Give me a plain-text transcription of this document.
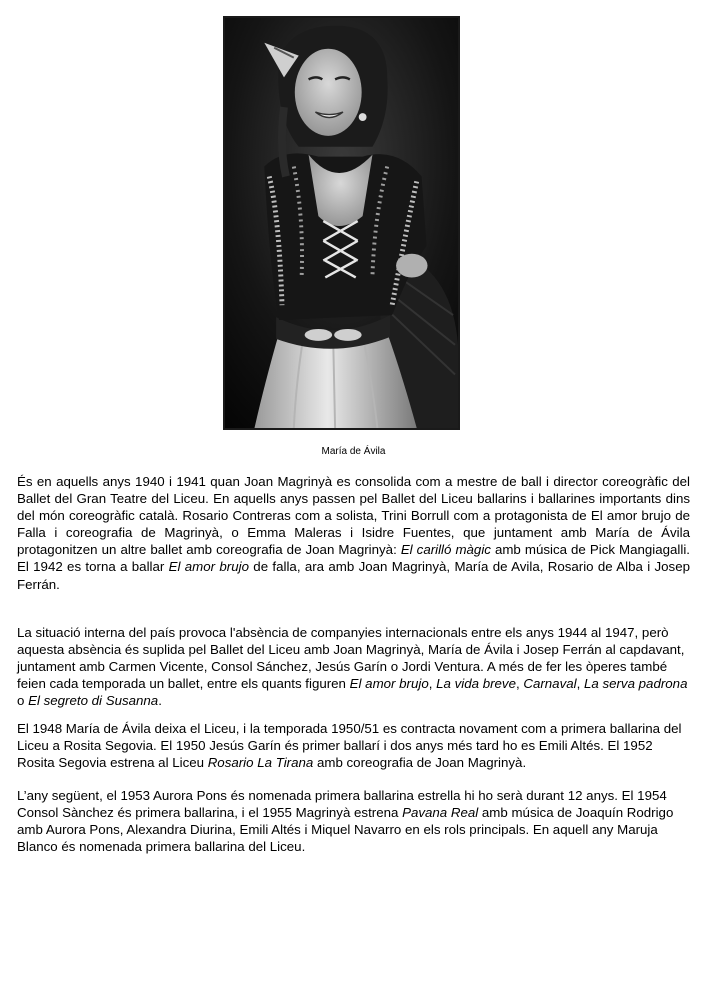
María de Ávila

És en aquells anys 1940 i 1941 quan Joan Magrinyà es consolida com a mestre de ball i director coreogràfic del Ballet del Gran Teatre del Liceu. En aquells anys passen pel Ballet del Liceu ballarins i ballarines importants dins del món coreogràfic català. Rosario Contreras com a solista, Trini Borrull com a protagonista de El amor brujo de Falla i coreografia de Magrinyà, o Emma Maleras i Isidre Fuentes, que juntament amb María de Ávila protagonitzen un altre ballet amb coreografia de Joan Magrinyà: El carilló màgic amb música de Pick Mangiagalli. El 1942 es torna a ballar El amor brujo de falla, ara amb Joan Magrinyà, María de Avila, Rosario de Alba i Josep Ferrán.

La situació interna del país provoca l'absència de companyies internacionals entre els anys 1944 al 1947, però aquesta absència és suplida pel Ballet del Liceu amb Joan Magrinyà, María de Ávila i Josep Ferrán al capdavant, juntament amb Carmen Vicente, Consol Sánchez, Jesús Garín o Jordi Ventura. A més de fer les òperes també feien cada temporada un ballet, entre els quants figuren El amor brujo, La vida breve, Carnaval, La serva padrona o El segreto di Susanna.

El 1948 María de Ávila deixa el Liceu, i la temporada 1950/51 es contracta novament com a primera ballarina del Liceu a Rosita Segovia. El 1950 Jesús Garín és primer ballarí i dos anys més tard ho es Emili Altés. El 1952 Rosita Segovia estrena al Liceu Rosario La Tirana amb coreografia de Joan Magrinyà.

L’any següent, el 1953 Aurora Pons és nomenada primera ballarina estrella hi ho serà durant 12 anys. El 1954 Consol Sànchez és primera ballarina, i el 1955 Magrinyà estrena Pavana Real amb música de Joaquín Rodrigo amb Aurora Pons, Alexandra Diurina, Emili Altés i Miquel Navarro en els rols principals. En aquell any Maruja Blanco és nomenada primera ballarina del Liceu.
